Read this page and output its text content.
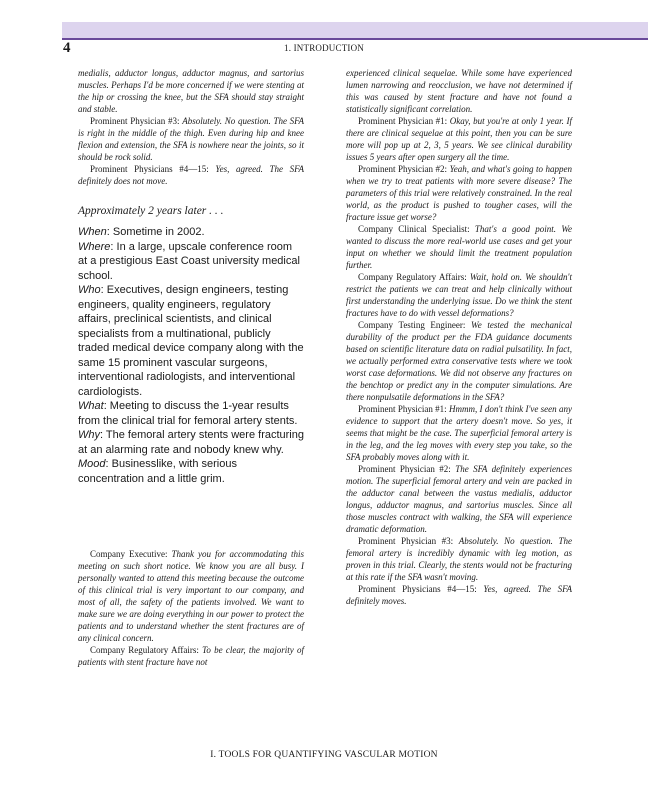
4	1. INTRODUCTION

medialis, adductor longus, adductor magnus, and sartorius muscles. Perhaps I'd be more concerned if we were stenting at the hip or crossing the knee, but the SFA should stay straight and stable.

Prominent Physician #3: Absolutely. No question. The SFA is right in the middle of the thigh. Even during hip and knee flexion and extension, the SFA is nowhere near the joints, so it should be rock solid.

Prominent Physicians #4—15: Yes, agreed. The SFA definitely does not move.

Approximately 2 years later . . .

When: Sometime in 2002.
Where: In a large, upscale conference room at a prestigious East Coast university medical school.
Who: Executives, design engineers, testing engineers, quality engineers, regulatory affairs, preclinical scientists, and clinical specialists from a multinational, publicly traded medical device company along with the same 15 prominent vascular surgeons, interventional radiologists, and interventional cardiologists.
What: Meeting to discuss the 1-year results from the clinical trial for femoral artery stents.
Why: The femoral artery stents were fracturing at an alarming rate and nobody knew why.
Mood: Businesslike, with serious concentration and a little grim.

Company Executive: Thank you for accommodating this meeting on such short notice. We know you are all busy. I personally wanted to attend this meeting because the outcome of this clinical trial is very important to our company, and most of all, the safety of the patients involved. We want to make sure we are doing everything in our power to protect the patients and to understand whether the stent fractures are of any clinical concern.

Company Regulatory Affairs: To be clear, the majority of patients with stent fracture have not

experienced clinical sequelae. While some have experienced lumen narrowing and reocclusion, we have not determined if this was caused by stent fracture and have not found a statistically significant correlation.

Prominent Physician #1: Okay, but you're at only 1 year. If there are clinical sequelae at this point, then you can be sure more will pop up at 2, 3, 5 years. We see clinical durability issues 5 years after open surgery all the time.

Prominent Physician #2: Yeah, and what's going to happen when we try to treat patients with more severe disease? The parameters of this trial were relatively constrained. In the real world, as the product is pushed to tougher cases, will the fracture issue get worse?

Company Clinical Specialist: That's a good point. We wanted to discuss the more real-world use cases and get your input on whether we should limit the treatment population further.

Company Regulatory Affairs: Wait, hold on. We shouldn't restrict the patients we can treat and help clinically without first understanding the underlying issue. Do we think the stent fractures have to do with vessel deformations?

Company Testing Engineer: We tested the mechanical durability of the product per the FDA guidance documents based on scientific literature data on radial pulsatility. In fact, we actually performed extra conservative tests where we took worst case deformations. We did not observe any fractures on the benchtop or predict any in the computer simulations. Are there nonpulsatile deformations in the SFA?

Prominent Physician #1: Hmmm, I don't think I've seen any evidence to support that the artery doesn't move. So yes, it seems that might be the case. The superficial femoral artery is in the leg, and the leg moves with every step you take, so the SFA probably moves along with it.

Prominent Physician #2: The SFA definitely experiences motion. The superficial femoral artery and vein are packed in the adductor canal between the vastus medialis, adductor longus, adductor magnus, and sartorius muscles. Since all those muscles contract with walking, the SFA will experience dramatic deformation.

Prominent Physician #3: Absolutely. No question. The femoral artery is incredibly dynamic with leg motion, as proven in this trial. Clearly, the stents would not be fracturing at this rate if the SFA wasn't moving.

Prominent Physicians #4—15: Yes, agreed. The SFA definitely moves.

I. TOOLS FOR QUANTIFYING VASCULAR MOTION
